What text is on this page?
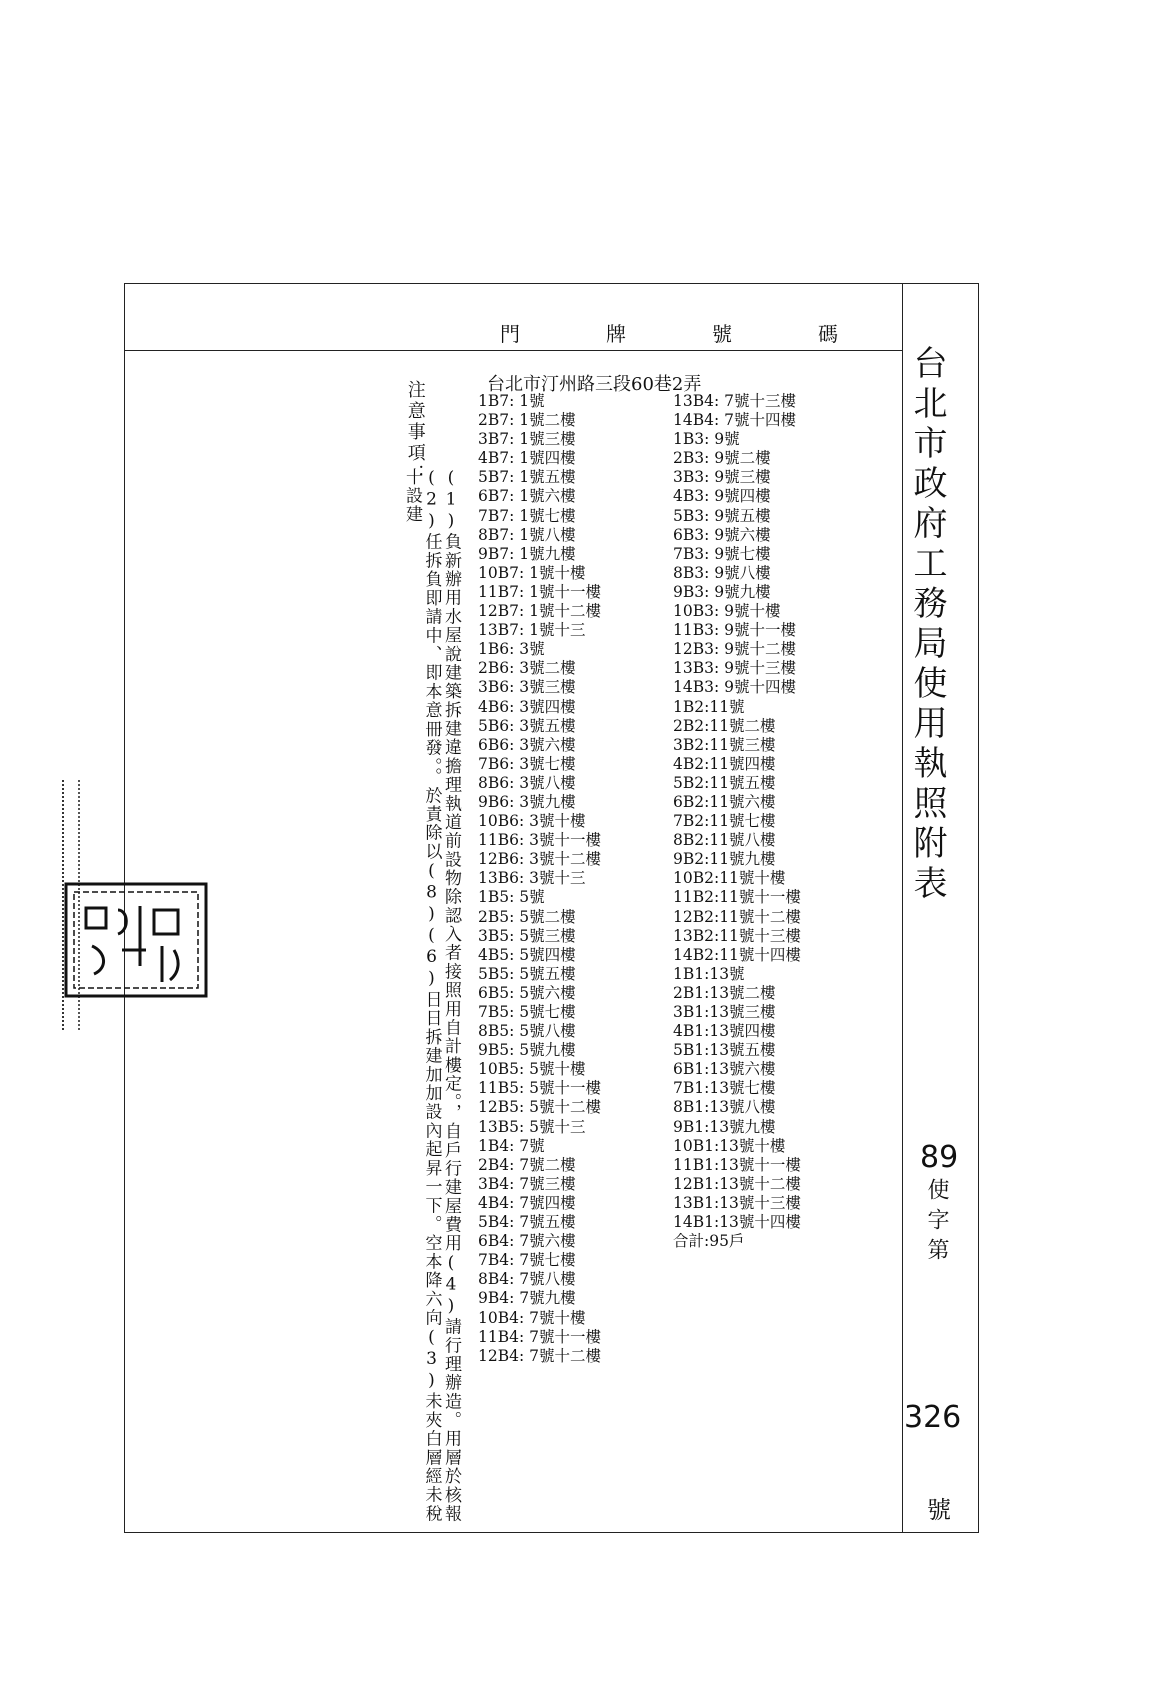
門	牌	號	碼
台北市政府工務局使用執照附表
89
使字第
326
號
台北市汀州路三段60巷2弄
1B7: 1號
2B7: 1號二樓
3B7: 1號三樓
4B7: 1號四樓
5B7: 1號五樓
6B7: 1號六樓
7B7: 1號七樓
8B7: 1號八樓
9B7: 1號九樓
10B7: 1號十樓
11B7: 1號十一樓
12B7: 1號十二樓
13B7: 1號十三
1B6: 3號
2B6: 3號二樓
3B6: 3號三樓
4B6: 3號四樓
5B6: 3號五樓
6B6: 3號六樓
7B6: 3號七樓
8B6: 3號八樓
9B6: 3號九樓
10B6: 3號十樓
11B6: 3號十一樓
12B6: 3號十二樓
13B6: 3號十三
1B5: 5號
2B5: 5號二樓
3B5: 5號三樓
4B5: 5號四樓
5B5: 5號五樓
6B5: 5號六樓
7B5: 5號七樓
8B5: 5號八樓
9B5: 5號九樓
10B5: 5號十樓
11B5: 5號十一樓
12B5: 5號十二樓
13B5: 5號十三
1B4: 7號
2B4: 7號二樓
3B4: 7號三樓
4B4: 7號四樓
5B4: 7號五樓
6B4: 7號六樓
7B4: 7號七樓
8B4: 7號八樓
9B4: 7號九樓
10B4: 7號十樓
11B4: 7號十一樓
12B4: 7號十二樓
13B4: 7號十三樓
14B4: 7號十四樓
1B3: 9號
2B3: 9號二樓
3B3: 9號三樓
4B3: 9號四樓
5B3: 9號五樓
6B3: 9號六樓
7B3: 9號七樓
8B3: 9號八樓
9B3: 9號九樓
10B3: 9號十樓
11B3: 9號十一樓
12B3: 9號十二樓
13B3: 9號十三樓
14B3: 9號十四樓
1B2:11號
2B2:11號二樓
3B2:11號三樓
4B2:11號四樓
5B2:11號五樓
6B2:11號六樓
7B2:11號七樓
8B2:11號八樓
9B2:11號九樓
10B2:11號十樓
11B2:11號十一樓
12B2:11號十二樓
13B2:11號十三樓
14B2:11號十四樓
1B1:13號
2B1:13號二樓
3B1:13號三樓
4B1:13號四樓
5B1:13號五樓
6B1:13號六樓
7B1:13號七樓
8B1:13號八樓
9B1:13號九樓
10B1:13號十樓
11B1:13號十一樓
12B1:13號十二樓
13B1:13號十三樓
14B1:13號十四樓
合計:95戶
注意事項：
(1)負新辦用水屋說建築拆建違擔理執道前設物除認入者接照用自計樓定。，自戶行建屋費用(4)請行理辦造。用層於核報(2)任拆負即請中、即本意冊發。。於責除以(8)(6)日日拆建加加設內起昇一下。空本降六向(3)未夾白層經未稅十設建
